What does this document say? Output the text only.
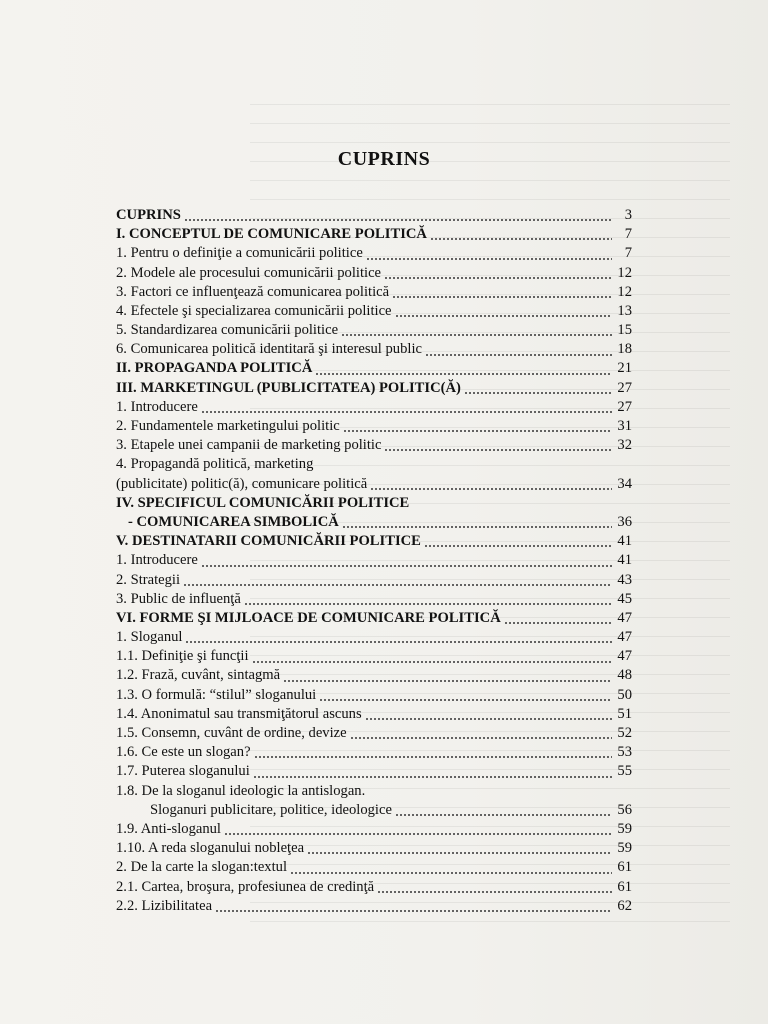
CUPRINS
CUPRINS	3
I. CONCEPTUL DE COMUNICARE POLITICĂ	7
1. Pentru o definiţie a comunicării politice	7
2. Modele ale procesului comunicării politice	12
3. Factori ce influenţează comunicarea politică	12
4. Efectele şi specializarea comunicării politice	13
5. Standardizarea comunicării politice	15
6. Comunicarea politică identitară şi interesul public	18
II. PROPAGANDA POLITICĂ	21
III. MARKETINGUL (PUBLICITATEA) POLITIC(Ă)	27
1. Introducere	27
2. Fundamentele marketingului politic	31
3. Etapele unei campanii de marketing politic	32
4. Propagandă politică, marketing
(publicitate) politic(ă), comunicare politică	34
IV. SPECIFICUL COMUNICĂRII POLITICE
- COMUNICAREA SIMBOLICĂ	36
V. DESTINATARII COMUNICĂRII POLITICE	41
1. Introducere	41
2. Strategii	43
3. Public de influenţă	45
VI. FORME ŞI MIJLOACE DE COMUNICARE POLITICĂ	47
1. Sloganul	47
1.1. Definiţie şi funcţii	47
1.2. Frază, cuvânt, sintagmă	48
1.3. O formulă: “stilul” sloganului	50
1.4. Anonimatul sau transmiţătorul ascuns	51
1.5. Consemn, cuvânt de ordine, devize	52
1.6. Ce este un slogan?	53
1.7. Puterea sloganului	55
1.8. De la sloganul ideologic la antislogan.
Sloganuri publicitare, politice, ideologice	56
1.9. Anti-sloganul	59
1.10. A reda sloganului nobleţea	59
2. De la carte la slogan:textul	61
2.1. Cartea, broşura, profesiunea de credinţă	61
2.2. Lizibilitatea	62
